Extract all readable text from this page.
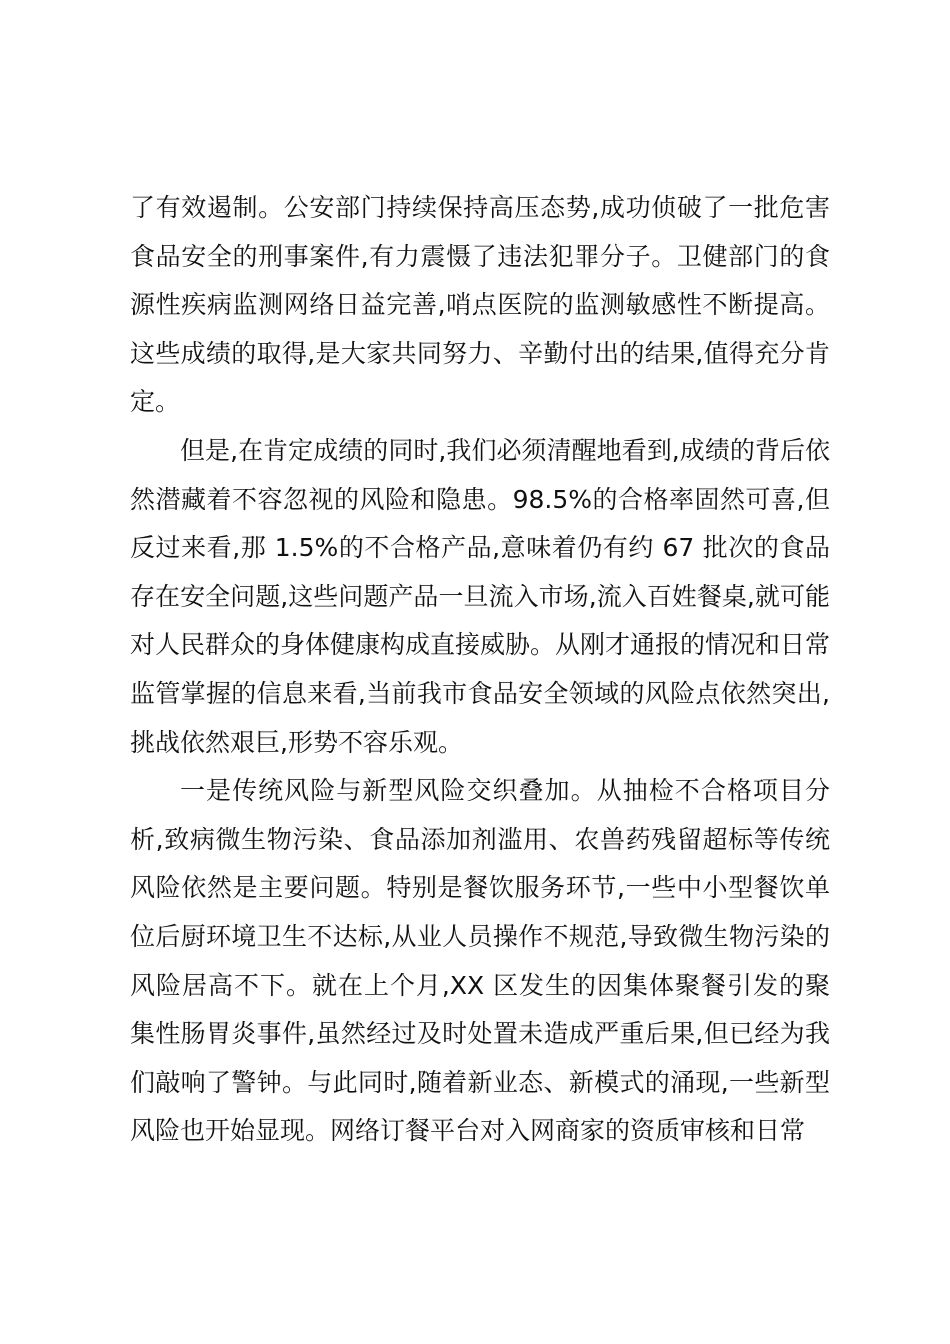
了有效遏制。公安部门持续保持高压态势,成功侦破了一批危害食品安全的刑事案件,有力震慑了违法犯罪分子。卫健部门的食源性疾病监测网络日益完善,哨点医院的监测敏感性不断提高。这些成绩的取得,是大家共同努力、辛勤付出的结果,值得充分肯定。

但是,在肯定成绩的同时,我们必须清醒地看到,成绩的背后依然潜藏着不容忽视的风险和隐患。98.5%的合格率固然可喜,但反过来看,那 1.5%的不合格产品,意味着仍有约 67 批次的食品存在安全问题,这些问题产品一旦流入市场,流入百姓餐桌,就可能对人民群众的身体健康构成直接威胁。从刚才通报的情况和日常监管掌握的信息来看,当前我市食品安全领域的风险点依然突出,挑战依然艰巨,形势不容乐观。

一是传统风险与新型风险交织叠加。从抽检不合格项目分析,致病微生物污染、食品添加剂滥用、农兽药残留超标等传统风险依然是主要问题。特别是餐饮服务环节,一些中小型餐饮单位后厨环境卫生不达标,从业人员操作不规范,导致微生物污染的风险居高不下。就在上个月,XX 区发生的因集体聚餐引发的聚集性肠胃炎事件,虽然经过及时处置未造成严重后果,但已经为我们敲响了警钟。与此同时,随着新业态、新模式的涌现,一些新型风险也开始显现。网络订餐平台对入网商家的资质审核和日常
